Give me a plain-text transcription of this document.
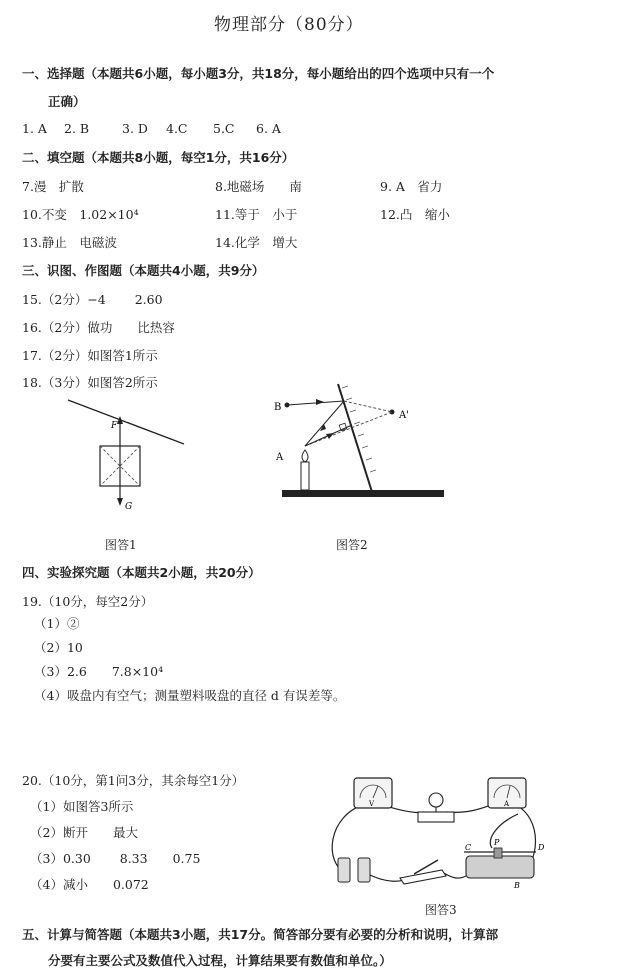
物理部分（80分）
一、选择题（本题共6小题，每小题3分，共18分，每小题给出的四个选项中只有一个
正确）
1. A 2. B	3. D 4.C 5.C 6. A
二、填空题（本题共8小题，每空1分，共16分）
7.漫　扩散	8.地磁场　　南	9. A　省力
10.不变　1.02×10⁴	11.等于　小于	12.凸　缩小
13.静止　电磁波	14.化学　增大
三、识图、作图题（本题共4小题，共9分）
15.（2分）−4　　 2.60
16.（2分）做功　　比热容
17.（2分）如图答1所示
18.（3分）如图答2所示
F
G
图答1
B
A
A'
图答2
四、实验探究题（本题共2小题，共20分）
19.（10分，每空2分）
（1）②
（2）10
（3）2.6　　7.8×10⁴
（4）吸盘内有空气；测量塑料吸盘的直径 d 有误差等。
20.（10分，第1问3分，其余每空1分）
（1）如图答3所示
（2）断开　　最大
（3）0.30　　 8.33　　0.75
（4）减小　　0.072
V	A
C
P
D
B
图答3
五、计算与简答题（本题共3小题，共17分。简答部分要有必要的分析和说明，计算部
分要有主要公式及数值代入过程，计算结果要有数值和单位。）
